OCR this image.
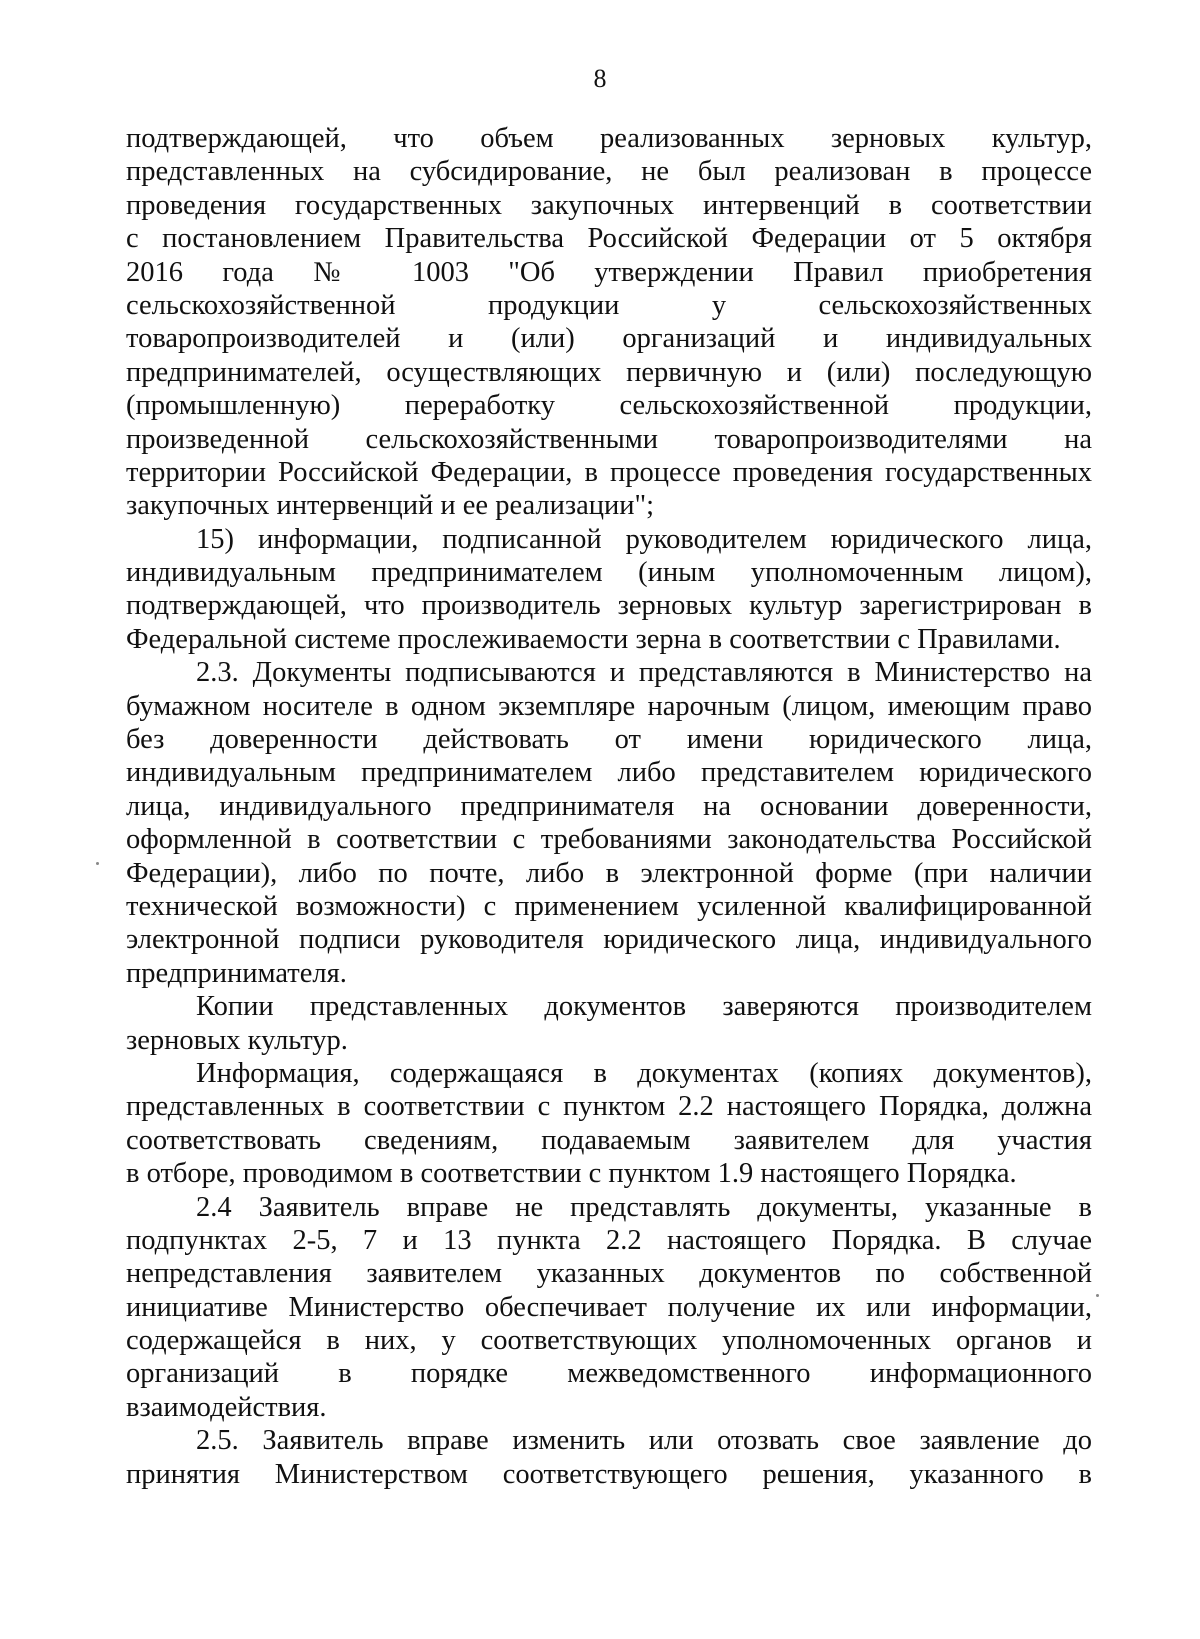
8
подтверждающей, что объем реализованных зерновых культур,
представленных на субсидирование, не был реализован в процессе
проведения государственных закупочных интервенций в соответствии
с постановлением Правительства Российской Федерации от 5 октября
2016 года № 1003 "Об утверждении Правил приобретения
сельскохозяйственной продукции у сельскохозяйственных
товаропроизводителей и (или) организаций и индивидуальных
предпринимателей, осуществляющих первичную и (или) последующую
(промышленную) переработку сельскохозяйственной продукции,
произведенной сельскохозяйственными товаропроизводителями на
территории Российской Федерации, в процессе проведения государственных
закупочных интервенций и ее реализации";
15) информации, подписанной руководителем юридического лица,
индивидуальным предпринимателем (иным уполномоченным лицом),
подтверждающей, что производитель зерновых культур зарегистрирован в
Федеральной системе прослеживаемости зерна в соответствии с Правилами.
2.3. Документы подписываются и представляются в Министерство на
бумажном носителе в одном экземпляре нарочным (лицом, имеющим право
без доверенности действовать от имени юридического лица,
индивидуальным предпринимателем либо представителем юридического
лица, индивидуального предпринимателя на основании доверенности,
оформленной в соответствии с требованиями законодательства Российской
Федерации), либо по почте, либо в электронной форме (при наличии
технической возможности) с применением усиленной квалифицированной
электронной подписи руководителя юридического лица, индивидуального
предпринимателя.
Копии представленных документов заверяются производителем
зерновых культур.
Информация, содержащаяся в документах (копиях документов),
представленных в соответствии с пунктом 2.2 настоящего Порядка, должна
соответствовать сведениям, подаваемым заявителем для участия
в отборе, проводимом в соответствии с пунктом 1.9 настоящего Порядка.
2.4 Заявитель вправе не представлять документы, указанные в
подпунктах 2-5, 7 и 13 пункта 2.2 настоящего Порядка. В случае
непредставления заявителем указанных документов по собственной
инициативе Министерство обеспечивает получение их или информации,
содержащейся в них, у соответствующих уполномоченных органов и
организаций в порядке межведомственного информационного
взаимодействия.
2.5. Заявитель вправе изменить или отозвать свое заявление до
принятия Министерством соответствующего решения, указанного в
